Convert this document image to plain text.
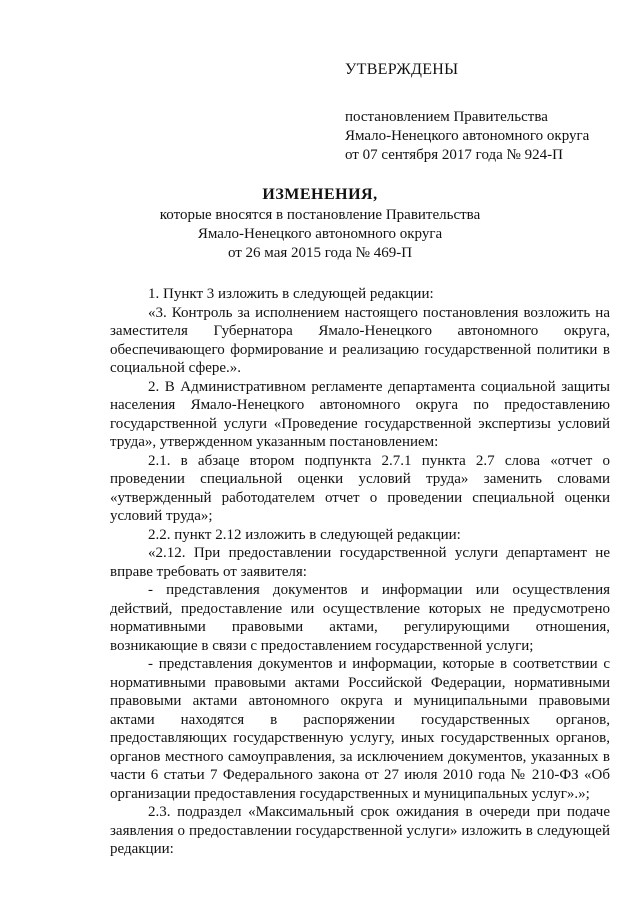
УТВЕРЖДЕНЫ
постановлением Правительства
Ямало-Ненецкого автономного округа
от 07 сентября 2017 года № 924-П
ИЗМЕНЕНИЯ,
которые вносятся в постановление Правительства
Ямало-Ненецкого автономного округа
от 26 мая 2015 года № 469-П

1. Пункт 3 изложить в следующей редакции:

«3. Контроль за исполнением настоящего постановления возложить на заместителя Губернатора Ямало-Ненецкого автономного округа, обеспечивающего формирование и реализацию государственной политики в социальной сфере.».

2. В Административном регламенте департамента социальной защиты населения Ямало-Ненецкого автономного округа по предоставлению государственной услуги «Проведение государственной экспертизы условий труда», утвержденном указанным постановлением:

2.1. в абзаце втором подпункта 2.7.1 пункта 2.7 слова «отчет о проведении специальной оценки условий труда» заменить словами «утвержденный работодателем отчет о проведении специальной оценки условий труда»;

2.2. пункт 2.12 изложить в следующей редакции:

«2.12. При предоставлении государственной услуги департамент не вправе требовать от заявителя:

- представления документов и информации или осуществления действий, предоставление или осуществление которых не предусмотрено нормативными правовыми актами, регулирующими отношения, возникающие в связи с предоставлением государственной услуги;

- представления документов и информации, которые в соответствии с нормативными правовыми актами Российской Федерации, нормативными правовыми актами автономного округа и муниципальными правовыми актами находятся в распоряжении государственных органов, предоставляющих государственную услугу, иных государственных органов, органов местного самоуправления, за исключением документов, указанных в части 6 статьи 7 Федерального закона от 27 июля 2010 года № 210-ФЗ «Об организации предоставления государственных и муниципальных услуг».»;

2.3. подраздел «Максимальный срок ожидания в очереди при подаче заявления о предоставлении государственной услуги» изложить в следующей редакции:
